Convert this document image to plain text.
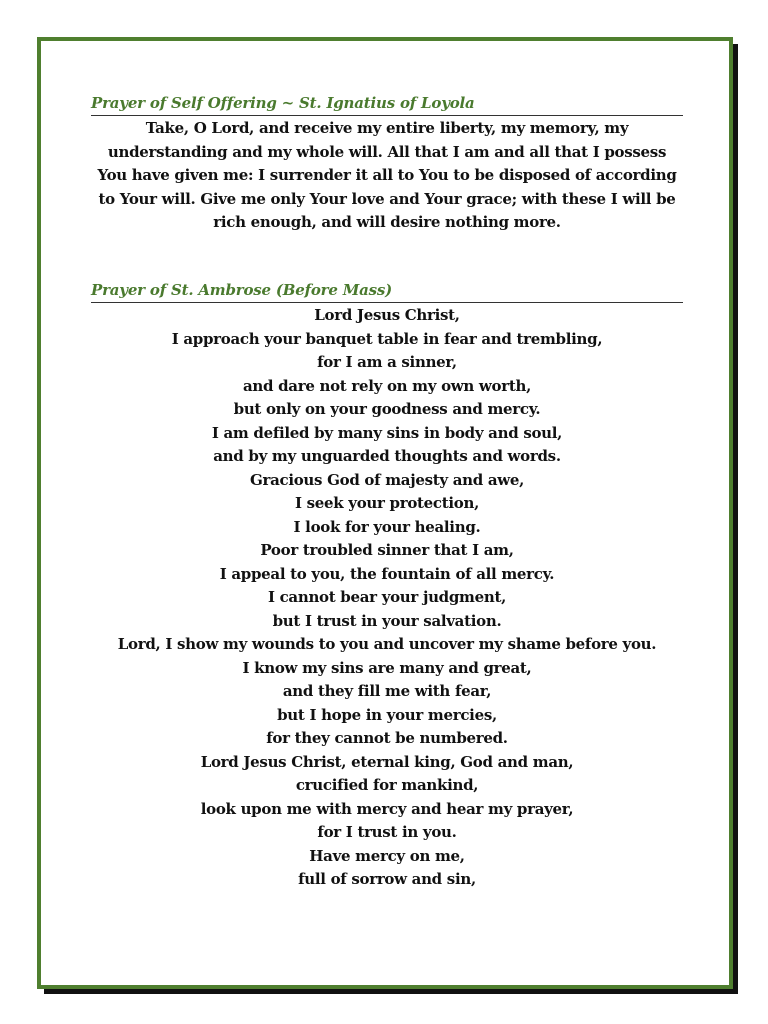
Prayer of Self Offering ~ St. Ignatius of Loyola

Take, O Lord, and receive my entire liberty, my memory, my understanding and my whole will. All that I am and all that I possess You have given me: I surrender it all to You to be disposed of according to Your will. Give me only Your love and Your grace; with these I will be rich enough, and will desire nothing more.

Prayer of St. Ambrose (Before Mass)
Lord Jesus Christ,
I approach your banquet table in fear and trembling,
for I am a sinner,
and dare not rely on my own worth,
but only on your goodness and mercy.
I am defiled by many sins in body and soul,
and by my unguarded thoughts and words.
Gracious God of majesty and awe,
I seek your protection,
I look for your healing.
Poor troubled sinner that I am,
I appeal to you, the fountain of all mercy.
I cannot bear your judgment,
but I trust in your salvation.
Lord, I show my wounds to you and uncover my shame before you.
I know my sins are many and great,
and they fill me with fear,
but I hope in your mercies,
for they cannot be numbered.
Lord Jesus Christ, eternal king, God and man,
crucified for mankind,
look upon me with mercy and hear my prayer,
for I trust in you.
Have mercy on me,
full of sorrow and sin,
